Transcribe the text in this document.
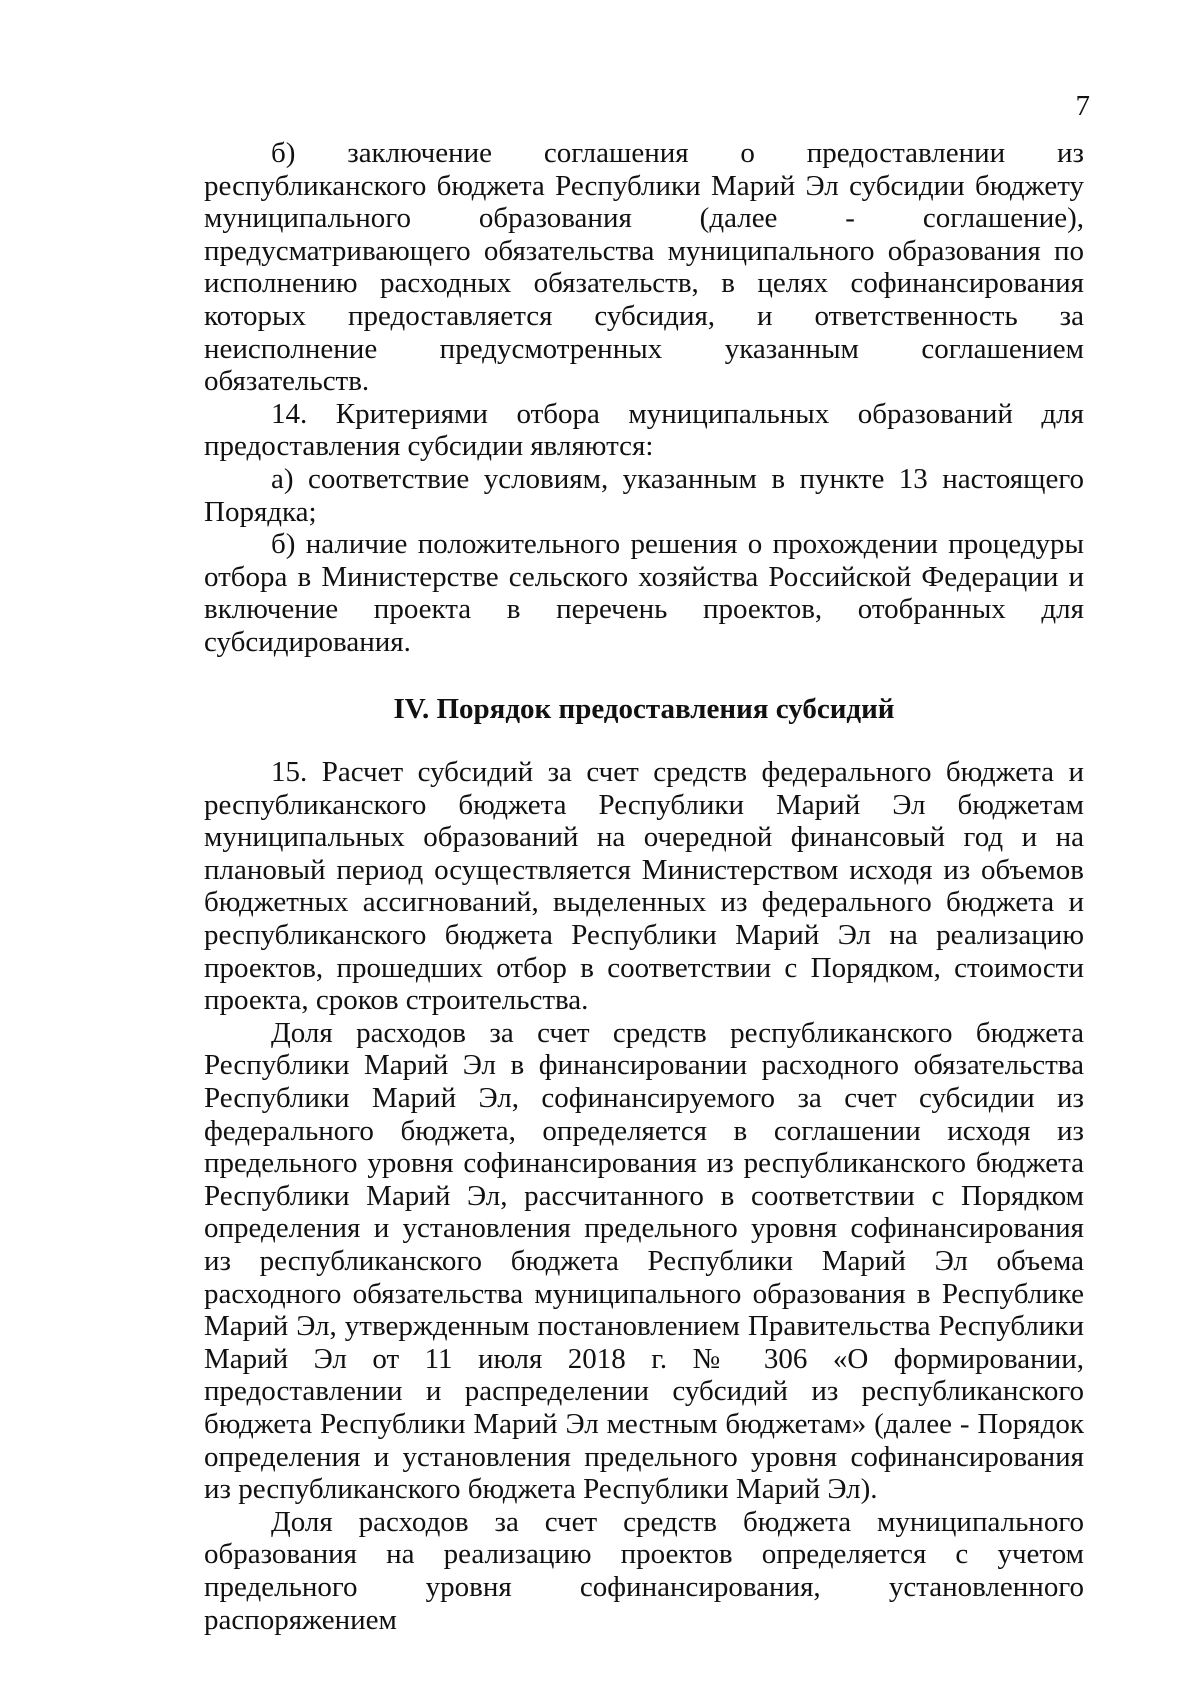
7

б) заключение соглашения о предоставлении из республиканского бюджета Республики Марий Эл субсидии бюджету муниципального образования (далее - соглашение), предусматривающего обязательства муниципального образования по исполнению расходных обязательств, в целях софинансирования которых предоставляется субсидия, и ответственность за неисполнение предусмотренных указанным соглашением обязательств.

14. Критериями отбора муниципальных образований для предоставления субсидии являются:

а) соответствие условиям, указанным в пункте 13 настоящего Порядка;

б) наличие положительного решения о прохождении процедуры отбора в Министерстве сельского хозяйства Российской Федерации и включение проекта в перечень проектов, отобранных для субсидирования.

IV. Порядок предоставления субсидий

15. Расчет субсидий за счет средств федерального бюджета и республиканского бюджета Республики Марий Эл бюджетам муниципальных образований на очередной финансовый год и на плановый период осуществляется Министерством исходя из объемов бюджетных ассигнований, выделенных из федерального бюджета и республиканского бюджета Республики Марий Эл на реализацию проектов, прошедших отбор в соответствии с Порядком, стоимости проекта, сроков строительства.

Доля расходов за счет средств республиканского бюджета Республики Марий Эл в финансировании расходного обязательства Республики Марий Эл, софинансируемого за счет субсидии из федерального бюджета, определяется в соглашении исходя из предельного уровня софинансирования из республиканского бюджета Республики Марий Эл, рассчитанного в соответствии с Порядком определения и установления предельного уровня софинансирования из республиканского бюджета Республики Марий Эл объема расходного обязательства муниципального образования в Республике Марий Эл, утвержденным постановлением Правительства Республики Марий Эл от 11 июля 2018 г. № 306 «О формировании, предоставлении и распределении субсидий из республиканского бюджета Республики Марий Эл местным бюджетам» (далее - Порядок определения и установления предельного уровня софинансирования из республиканского бюджета Республики Марий Эл).

Доля расходов за счет средств бюджета муниципального образования на реализацию проектов определяется с учетом предельного уровня софинансирования, установленного распоряжением
